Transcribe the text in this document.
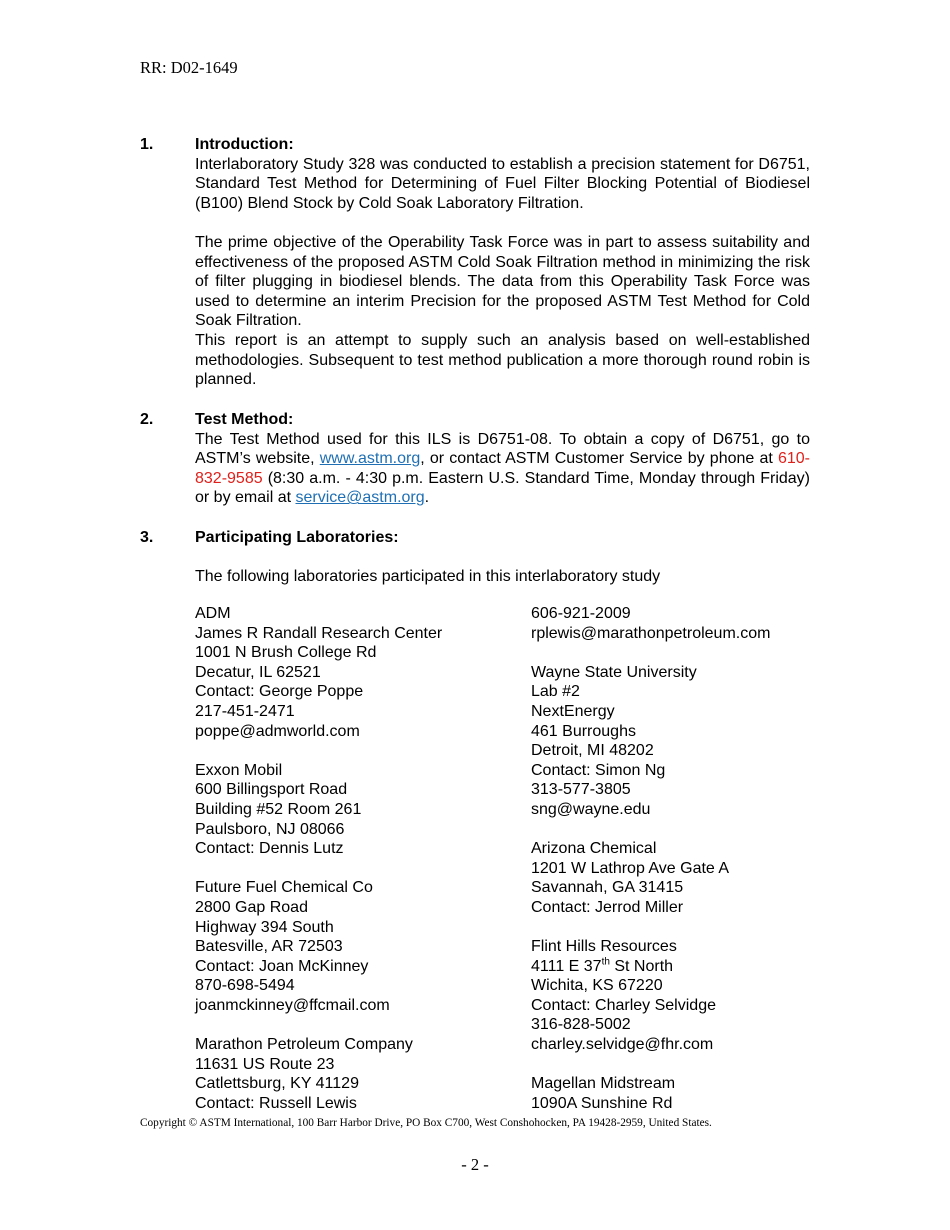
RR: D02-1649
1.	Introduction:

Interlaboratory Study 328 was conducted to establish a precision statement for D6751, Standard Test Method for Determining of Fuel Filter Blocking Potential of Biodiesel (B100) Blend Stock by Cold Soak Laboratory Filtration.

The prime objective of the Operability Task Force was in part to assess suitability and effectiveness of the proposed ASTM Cold Soak Filtration method in minimizing the risk of filter plugging in biodiesel blends. The data from this Operability Task Force was used to determine an interim Precision for the proposed ASTM Test Method for Cold Soak Filtration.

This report is an attempt to supply such an analysis based on well-established methodologies. Subsequent to test method publication a more thorough round robin is planned.

2.	Test Method:

The Test Method used for this ILS is D6751-08. To obtain a copy of D6751, go to ASTM’s website, www.astm.org, or contact ASTM Customer Service by phone at 610-832-9585 (8:30 a.m. - 4:30 p.m. Eastern U.S. Standard Time, Monday through Friday) or by email at service@astm.org.

3.	Participating Laboratories:
The following laboratories participated in this interlaboratory study
ADM
James R Randall Research Center
1001 N Brush College Rd
Decatur, IL 62521
Contact: George Poppe
217-451-2471
poppe@admworld.com
Exxon Mobil
600 Billingsport Road
Building #52 Room 261
Paulsboro, NJ 08066
Contact: Dennis Lutz
Future Fuel Chemical Co
2800 Gap Road
Highway 394 South
Batesville, AR 72503
Contact: Joan McKinney
870-698-5494
joanmckinney@ffcmail.com
Marathon Petroleum Company
11631 US Route 23
Catlettsburg, KY 41129
Contact: Russell Lewis
606-921-2009
rplewis@marathonpetroleum.com
Wayne State University
Lab #2
NextEnergy
461 Burroughs
Detroit, MI 48202
Contact: Simon Ng
313-577-3805
sng@wayne.edu
Arizona Chemical
1201 W Lathrop Ave Gate A
Savannah, GA 31415
Contact: Jerrod Miller
Flint Hills Resources
4111 E 37th St North
Wichita, KS 67220
Contact: Charley Selvidge
316-828-5002
charley.selvidge@fhr.com
Magellan Midstream
1090A Sunshine Rd
Copyright © ASTM International, 100 Barr Harbor Drive, PO Box C700, West Conshohocken, PA 19428-2959, United States.
- 2 -
